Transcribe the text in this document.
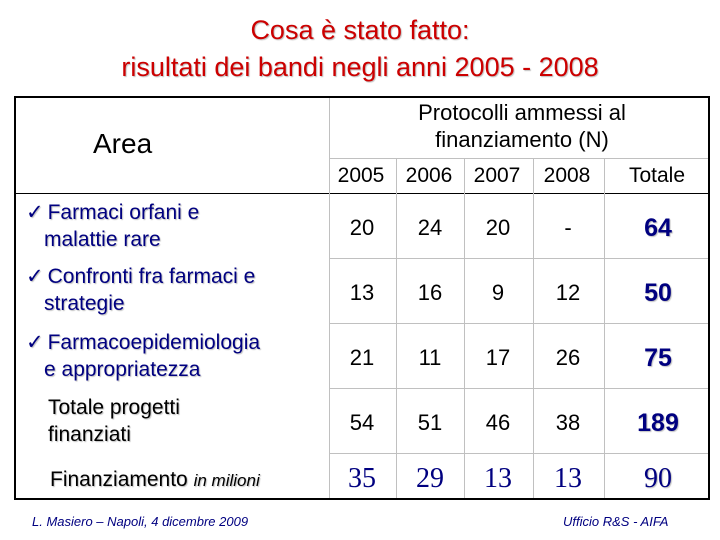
Cosa è stato fatto:
risultati dei bandi negli anni 2005 - 2008
Area
Protocolli ammessi al
finanziamento (N)
2005	2006	2007	2008	Totale
✓ Farmaci orfani e
malattie rare	20	24	20	-	64
✓ Confronti fra farmaci e
strategie	13	16	9	12	50
✓ Farmacoepidemiologia
e appropriatezza	21	11	17	26	75
Totale progetti
finanziati	54	51	46	38	189
Finanziamento in milioni	35	29	13	13	90
L. Masiero – Napoli, 4 dicembre 2009	Ufficio R&S - AIFA
